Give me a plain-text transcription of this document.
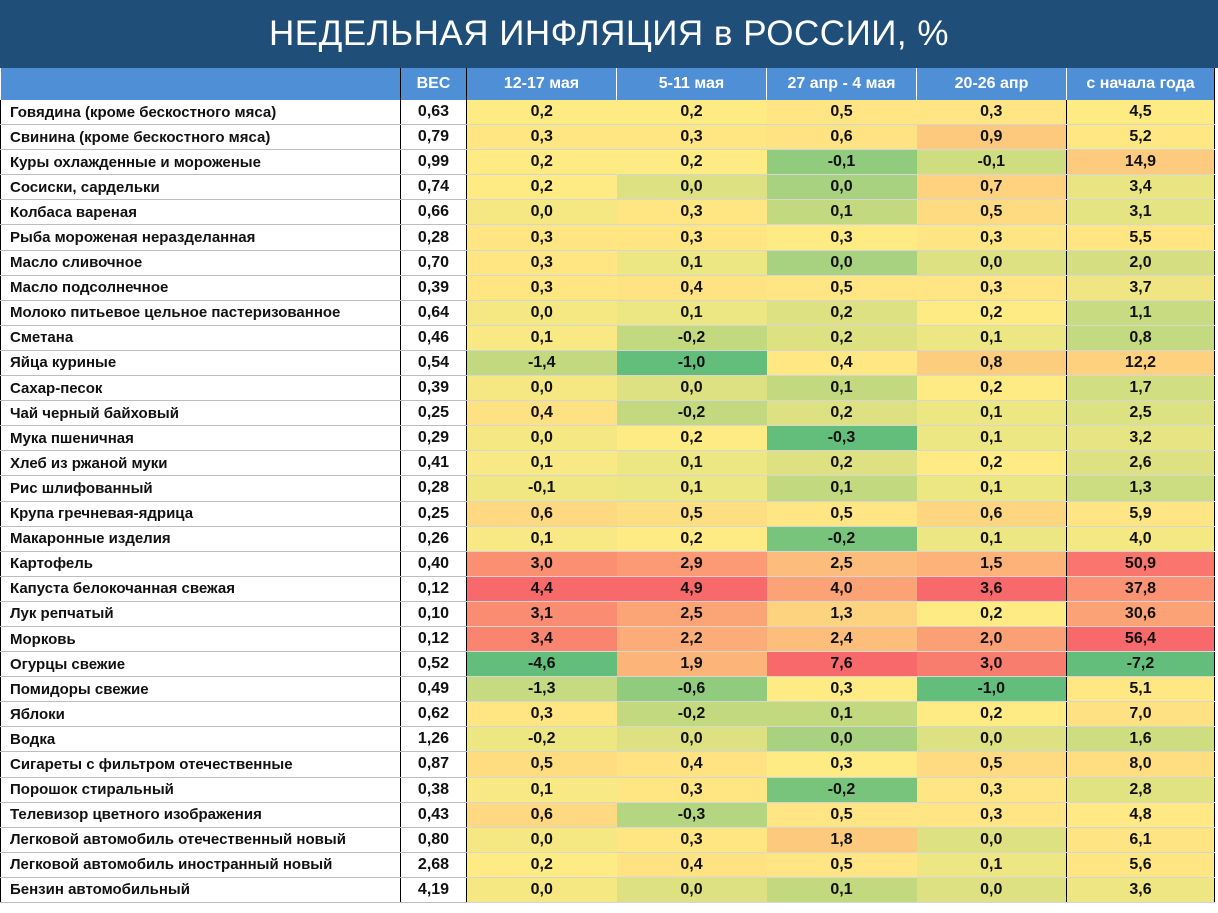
НЕДЕЛЬНАЯ ИНФЛЯЦИЯ в РОССИИ, %
	ВЕС	12-17 мая	5-11 мая	27 апр - 4 мая	20-26 апр	с начала года
Говядина (кроме бескостного мяса)	0,63	0,2	0,2	0,5	0,3	4,5
Свинина (кроме бескостного мяса)	0,79	0,3	0,3	0,6	0,9	5,2
Куры охлажденные и мороженые	0,99	0,2	0,2	-0,1	-0,1	14,9
Сосиски, сардельки	0,74	0,2	0,0	0,0	0,7	3,4
Колбаса вареная	0,66	0,0	0,3	0,1	0,5	3,1
Рыба мороженая неразделанная	0,28	0,3	0,3	0,3	0,3	5,5
Масло сливочное	0,70	0,3	0,1	0,0	0,0	2,0
Масло подсолнечное	0,39	0,3	0,4	0,5	0,3	3,7
Молоко питьевое цельное пастеризованное	0,64	0,0	0,1	0,2	0,2	1,1
Сметана	0,46	0,1	-0,2	0,2	0,1	0,8
Яйца куриные	0,54	-1,4	-1,0	0,4	0,8	12,2
Сахар-песок	0,39	0,0	0,0	0,1	0,2	1,7
Чай черный байховый	0,25	0,4	-0,2	0,2	0,1	2,5
Мука пшеничная	0,29	0,0	0,2	-0,3	0,1	3,2
Хлеб из ржаной муки	0,41	0,1	0,1	0,2	0,2	2,6
Рис шлифованный	0,28	-0,1	0,1	0,1	0,1	1,3
Крупа гречневая-ядрица	0,25	0,6	0,5	0,5	0,6	5,9
Макаронные изделия	0,26	0,1	0,2	-0,2	0,1	4,0
Картофель	0,40	3,0	2,9	2,5	1,5	50,9
Капуста белокочанная свежая	0,12	4,4	4,9	4,0	3,6	37,8
Лук репчатый	0,10	3,1	2,5	1,3	0,2	30,6
Морковь	0,12	3,4	2,2	2,4	2,0	56,4
Огурцы свежие	0,52	-4,6	1,9	7,6	3,0	-7,2
Помидоры свежие	0,49	-1,3	-0,6	0,3	-1,0	5,1
Яблоки	0,62	0,3	-0,2	0,1	0,2	7,0
Водка	1,26	-0,2	0,0	0,0	0,0	1,6
Сигареты с фильтром отечественные	0,87	0,5	0,4	0,3	0,5	8,0
Порошок стиральный	0,38	0,1	0,3	-0,2	0,3	2,8
Телевизор цветного изображения	0,43	0,6	-0,3	0,5	0,3	4,8
Легковой автомобиль отечественный новый	0,80	0,0	0,3	1,8	0,0	6,1
Легковой автомобиль иностранный новый	2,68	0,2	0,4	0,5	0,1	5,6
Бензин автомобильный	4,19	0,0	0,0	0,1	0,0	3,6
